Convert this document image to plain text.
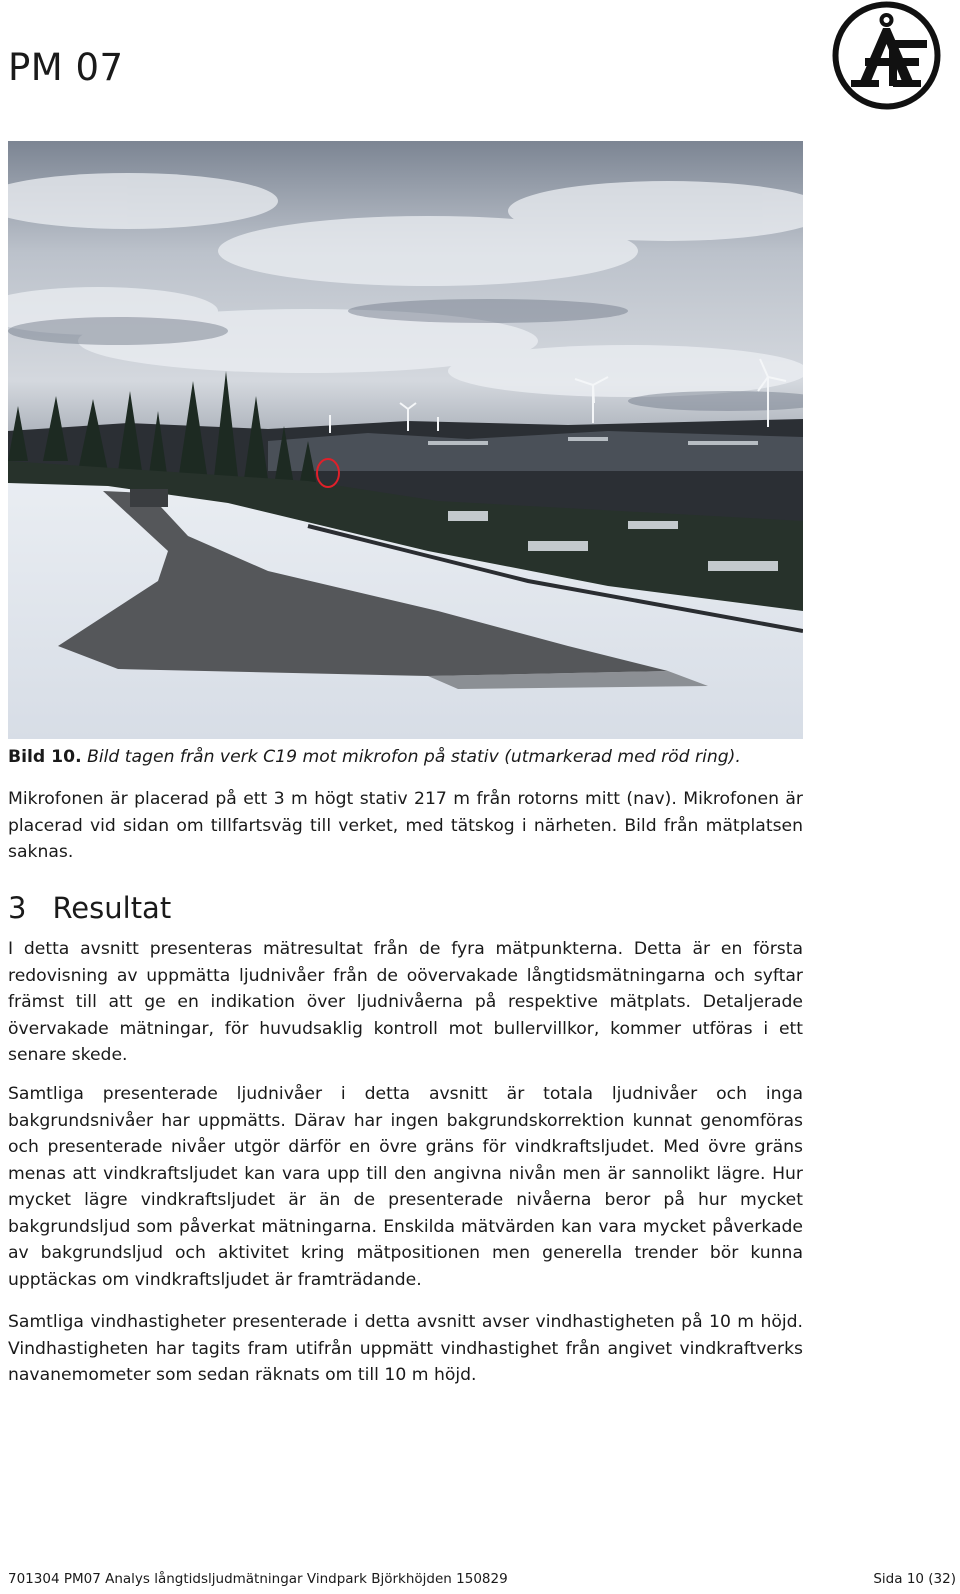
PM 07
Bild 10. Bild tagen från verk C19 mot mikrofon på stativ (utmarkerad med röd ring).
Mikrofonen är placerad på ett 3 m högt stativ 217 m från rotorns mitt (nav). Mikrofonen är placerad vid sidan om tillfartsväg till verket, med tätskog i närheten. Bild från mätplatsen saknas.
3 Resultat
I detta avsnitt presenteras mätresultat från de fyra mätpunkterna. Detta är en första redovisning av uppmätta ljudnivåer från de oövervakade långtidsmätningarna och syftar främst till att ge en indikation över ljudnivåerna på respektive mätplats. Detaljerade övervakade mätningar, för huvudsaklig kontroll mot bullervillkor, kommer utföras i ett senare skede.
Samtliga presenterade ljudnivåer i detta avsnitt är totala ljudnivåer och inga bakgrundsnivåer har uppmätts. Därav har ingen bakgrundskorrektion kunnat genomföras och presenterade nivåer utgör därför en övre gräns för vindkraftsljudet. Med övre gräns menas att vindkraftsljudet kan vara upp till den angivna nivån men är sannolikt lägre. Hur mycket lägre vindkraftsljudet är än de presenterade nivåerna beror på hur mycket bakgrundsljud som påverkat mätningarna. Enskilda mätvärden kan vara mycket påverkade av bakgrundsljud och aktivitet kring mätpositionen men generella trender bör kunna upptäckas om vindkraftsljudet är framträdande.
Samtliga vindhastigheter presenterade i detta avsnitt avser vindhastigheten på 10 m höjd. Vindhastigheten har tagits fram utifrån uppmätt vindhastighet från angivet vindkraftverks navanemometer som sedan räknats om till 10 m höjd.
701304 PM07 Analys långtidsljudmätningar Vindpark Björkhöjden 150829	Sida 10 (32)
